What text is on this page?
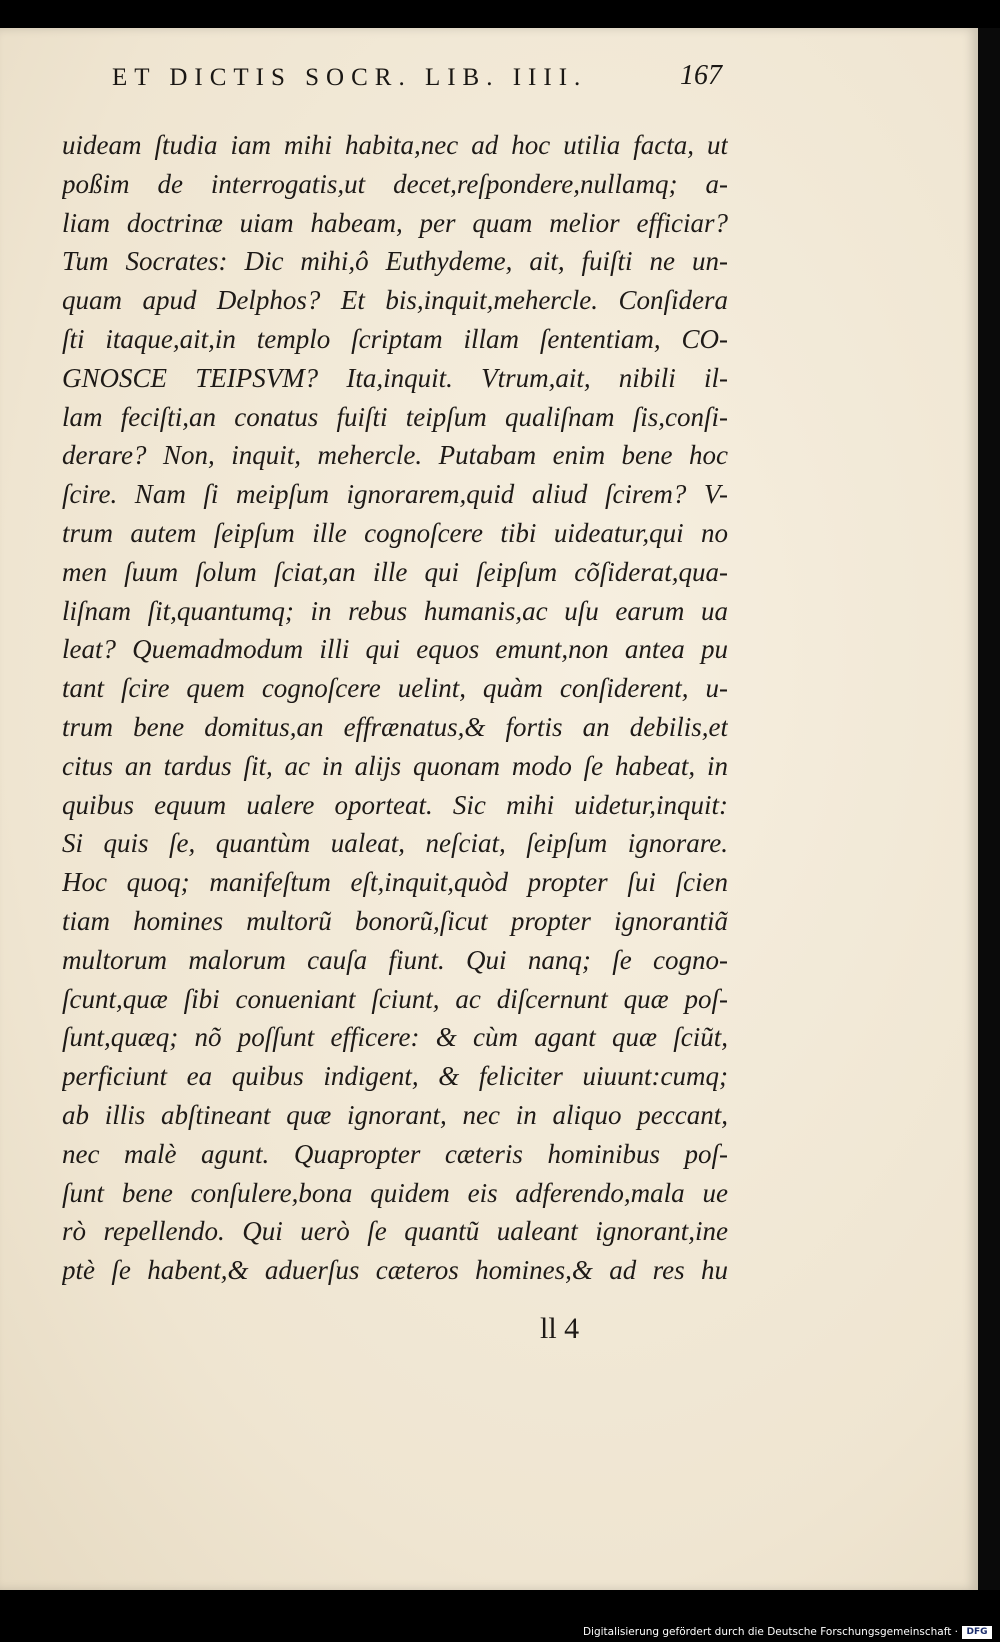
ET DICTIS SOCR. LIB. IIII.	167
uideam ſtudia iam mihi habita,nec ad hoc utilia facta, ut
poßim de interrogatis,ut decet,reſpondere,nullamq; a-
liam doctrinæ uiam habeam, per quam melior efficiar?
Tum Socrates: Dic mihi,ô Euthydeme, ait, fuiſti ne un-
quam apud Delphos? Et bis,inquit,mehercle. Conſidera
ſti itaque,ait,in templo ſcriptam illam ſententiam, CO-
GNOSCE TEIPSVM? Ita,inquit. Vtrum,ait, nibili il-
lam feciſti,an conatus fuiſti teipſum qualiſnam ſis,conſi-
derare? Non, inquit, mehercle. Putabam enim bene hoc
ſcire. Nam ſi meipſum ignorarem,quid aliud ſcirem? V-
trum autem ſeipſum ille cognoſcere tibi uideatur,qui no
men ſuum ſolum ſciat,an ille qui ſeipſum cõſiderat,qua-
liſnam ſit,quantumq; in rebus humanis,ac uſu earum ua
leat? Quemadmodum illi qui equos emunt,non antea pu
tant ſcire quem cognoſcere uelint, quàm conſiderent, u-
trum bene domitus,an effrænatus,& fortis an debilis,et
citus an tardus ſit, ac in alijs quonam modo ſe habeat, in
quibus equum ualere oporteat. Sic mihi uidetur,inquit:
Si quis ſe, quantùm ualeat, neſciat, ſeipſum ignorare.
Hoc quoq; manifeſtum eſt,inquit,quòd propter ſui ſcien
tiam homines multorũ bonorũ,ſicut propter ignorantiã
multorum malorum cauſa fiunt. Qui nanq; ſe cogno-
ſcunt,quæ ſibi conueniant ſciunt, ac diſcernunt quæ poſ-
ſunt,quæq; nõ poſſunt efficere: & cùm agant quæ ſciũt,
perficiunt ea quibus indigent, & feliciter uiuunt:cumq;
ab illis abſtineant quæ ignorant, nec in aliquo peccant,
nec malè agunt. Quapropter cæteris hominibus poſ-
ſunt bene conſulere,bona quidem eis adferendo,mala ue
rò repellendo. Qui uerò ſe quantũ ualeant ignorant,ine
ptè ſe habent,& aduerſus cæteros homines,& ad res hu
ll 4
Digitalisierung gefördert durch die Deutsche Forschungsgemeinschaft · DFG
